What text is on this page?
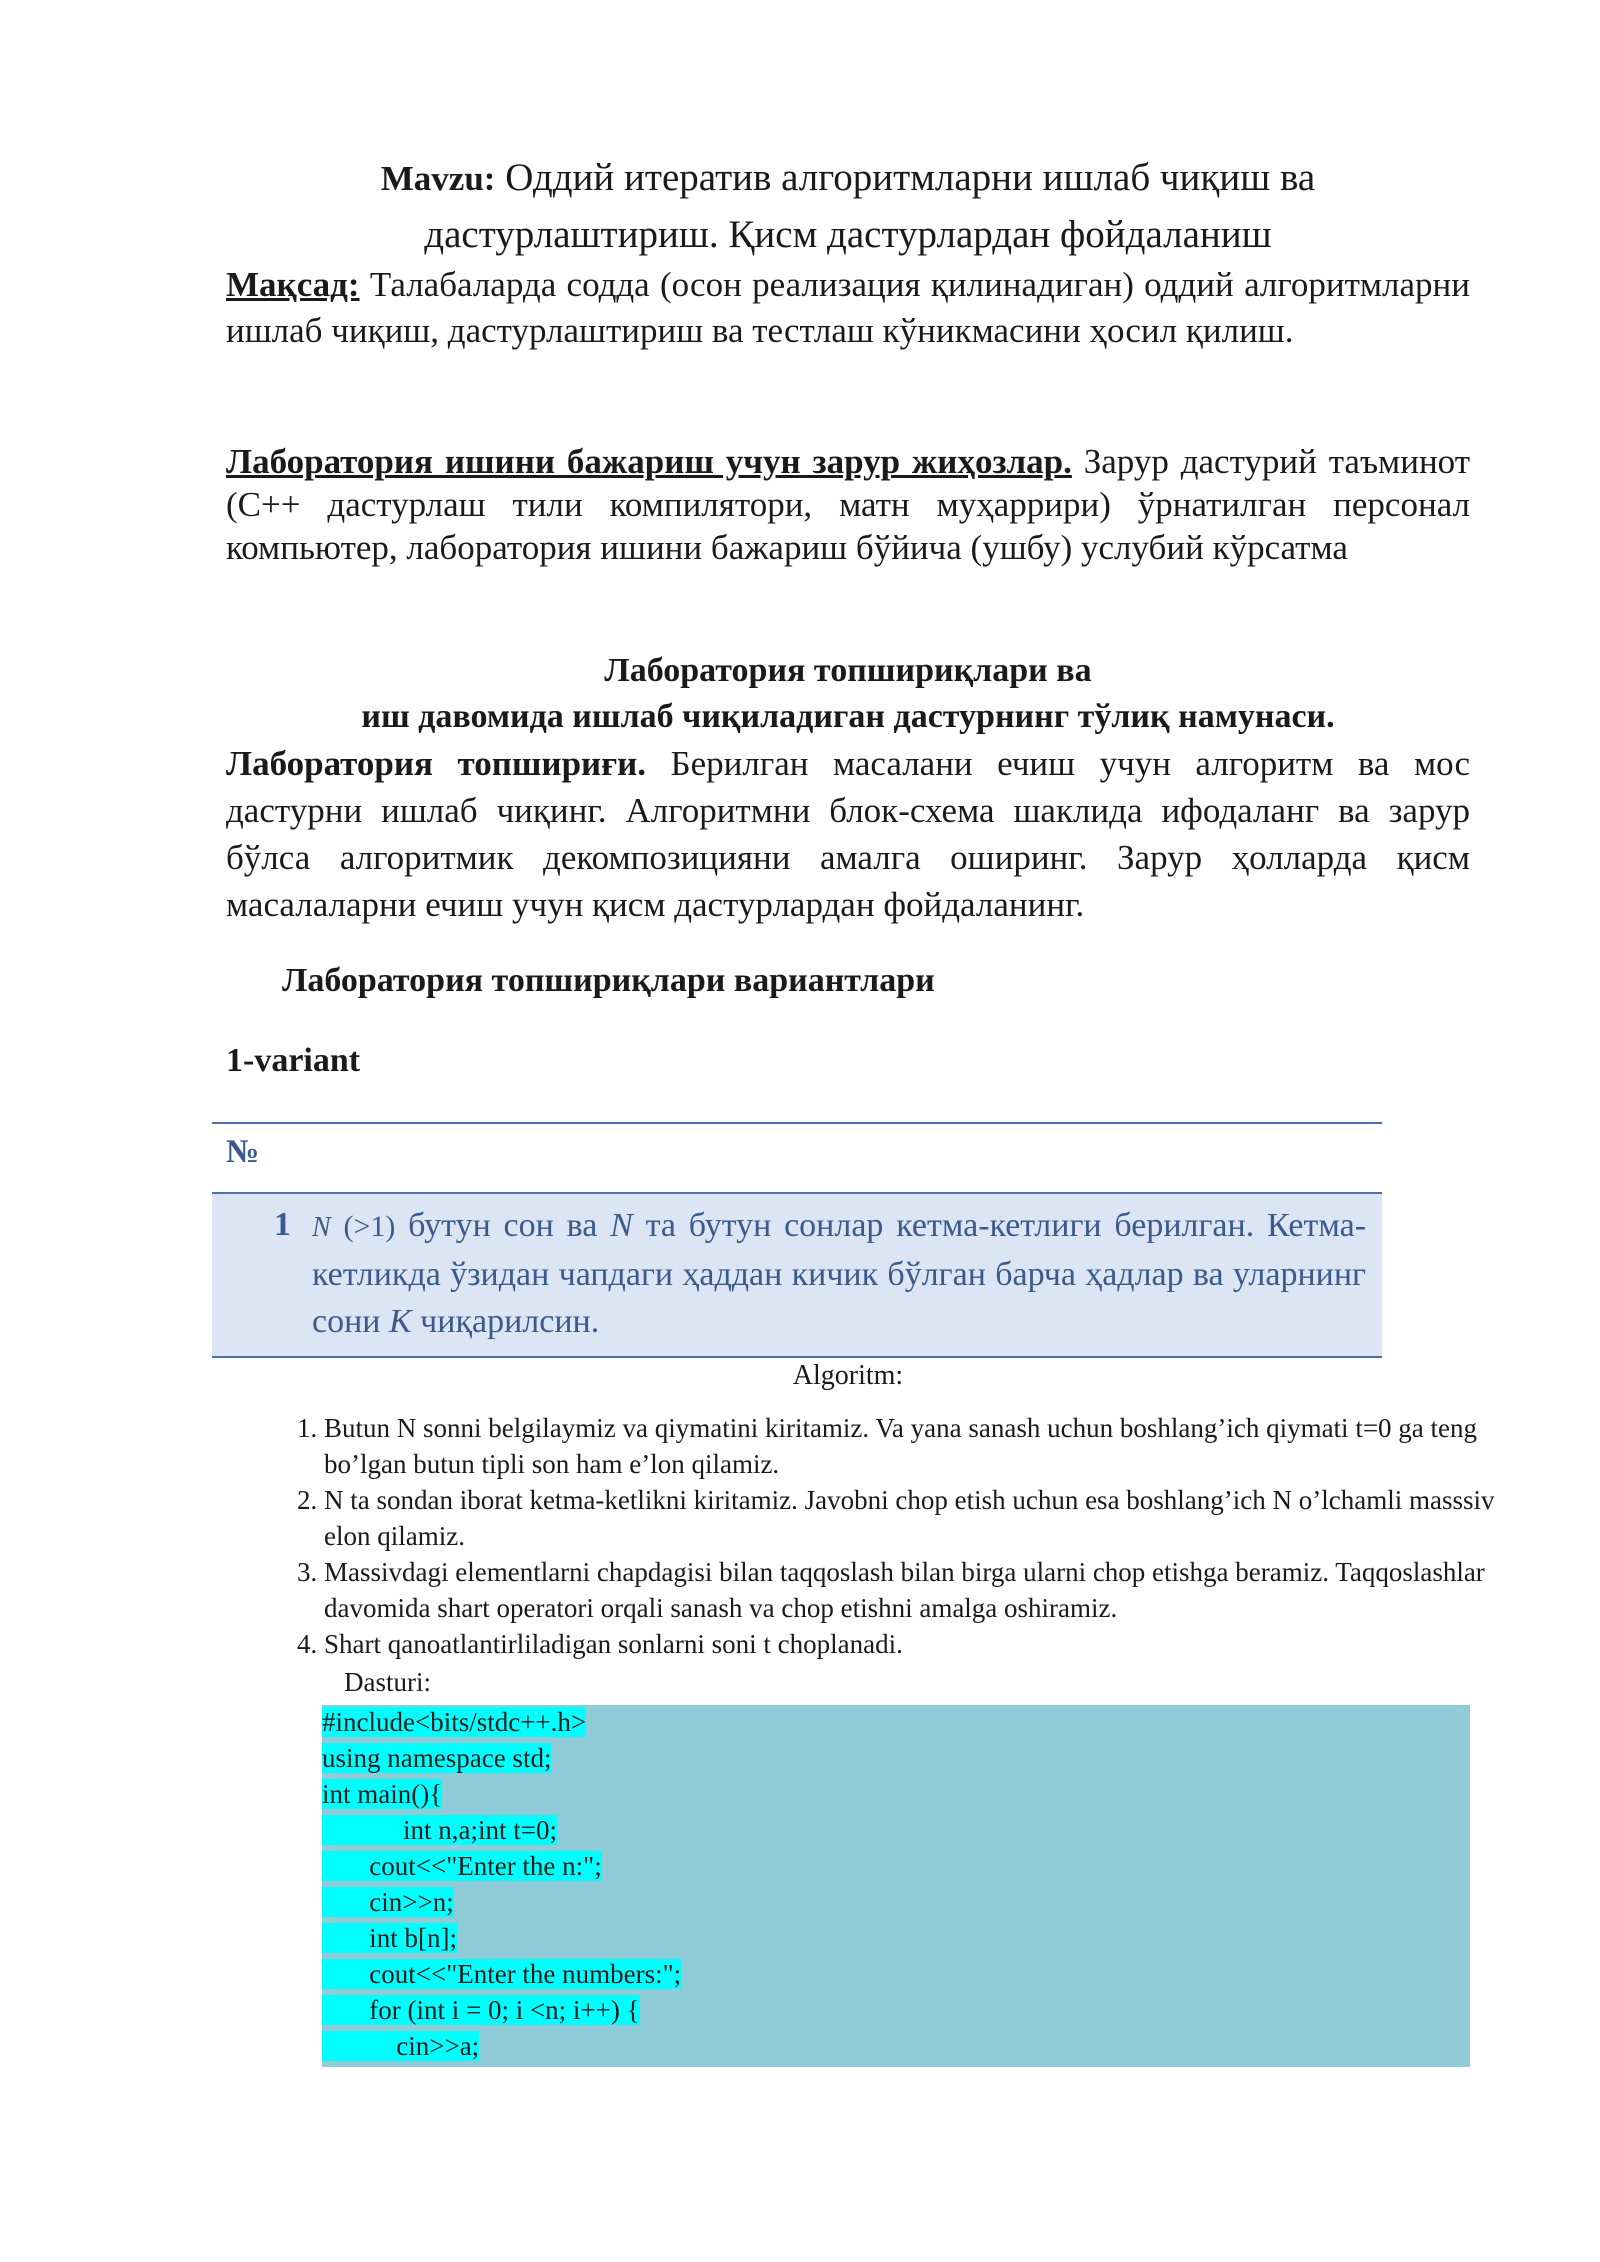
Mavzu: Оддий итератив алгоритмларни ишлаб чиқиш ва
дастурлаштириш. Қисм дастурлардан фойдаланиш
Мақсад: Талабаларда содда (осон реализация қилинадиган) оддий алгоритмларни ишлаб чиқиш, дастурлаштириш ва тестлаш кўникмасини ҳосил қилиш.
Лаборатория ишини бажариш учун зарур жиҳозлар. Зарур дастурий таъминот (C++ дастурлаш тили компилятори, матн муҳаррири) ўрнатилган персонал компьютер, лаборатория ишини бажариш бўйича (ушбу) услубий кўрсатма
Лаборатория топшириқлари ва
иш давомида ишлаб чиқиладиган дастурнинг тўлиқ намунаси.
Лаборатория топшириғи. Берилган масалани ечиш учун алгоритм ва мос дастурни ишлаб чиқинг. Алгоритмни блок-схема шаклида ифодаланг ва зарур бўлса алгоритмик декомпозицияни амалга оширинг. Зарур ҳолларда қисм масалаларни ечиш учун қисм дастурлардан фойдаланинг.
Лаборатория топшириқлари вариантлари
1-variant
№
1 N (>1) бутун сон ва N та бутун сонлар кетма-кетлиги берилган. Кетма-кетликда ўзидан чапдаги ҳаддан кичик бўлган барча ҳадлар ва уларнинг сони K чиқарилсин.
Algoritm:
1. Butun N sonni belgilaymiz va qiymatini kiritamiz. Va yana sanash uchun boshlang’ich qiymati t=0 ga teng bo’lgan butun tipli son ham e’lon qilamiz.
2. N ta sondan iborat ketma-ketlikni kiritamiz. Javobni chop etish uchun esa boshlang’ich N o’lchamli masssiv elon qilamiz.
3. Massivdagi elementlarni chapdagisi bilan taqqoslash bilan birga ularni chop etishga beramiz. Taqqoslashlar davomida shart operatori orqali sanash va chop etishni amalga oshiramiz.
4. Shart qanoatlantirliladigan sonlarni soni t choplanadi.
Dasturi:
#include<bits/stdc++.h>
using namespace std;
int main(){
int n,a;int t=0;
cout<<"Enter the n:";
cin>>n;
int b[n];
cout<<"Enter the numbers:";
for (int i = 0; i <n; i++) {
cin>>a;
